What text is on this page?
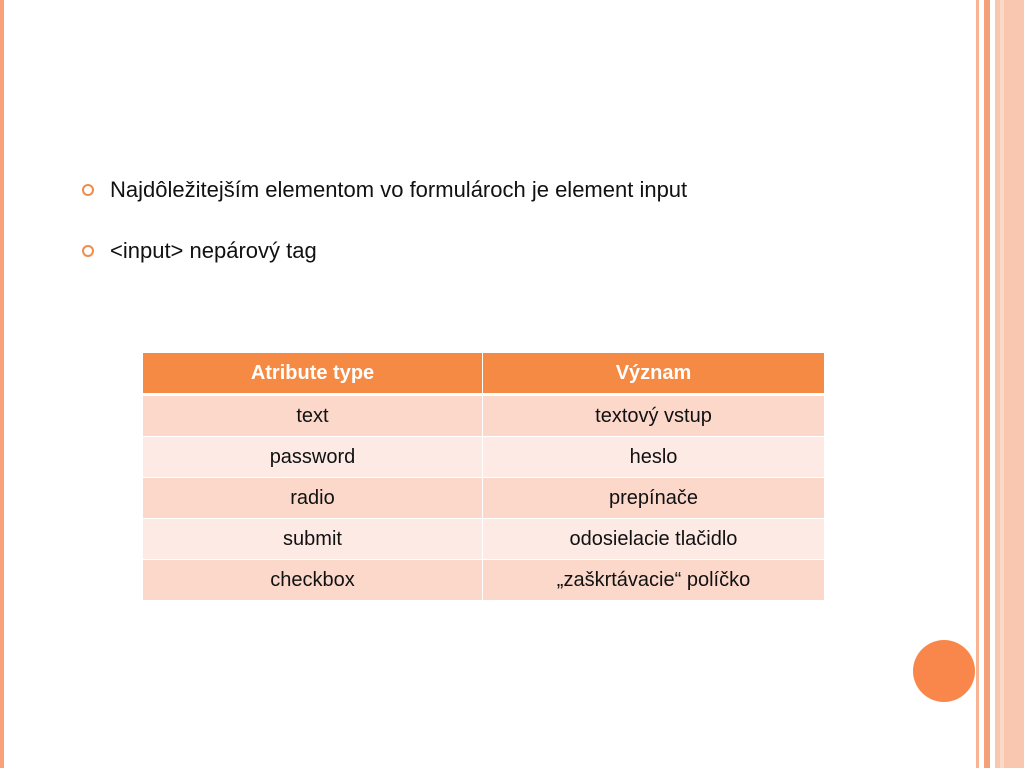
Najdôležitejším elementom vo formulároch je element input
<input> nepárový tag
Atribute type	Význam
text	textový vstup
password	heslo
radio	prepínače
submit	odosielacie tlačidlo
checkbox	„zaškrtávacie“ políčko
